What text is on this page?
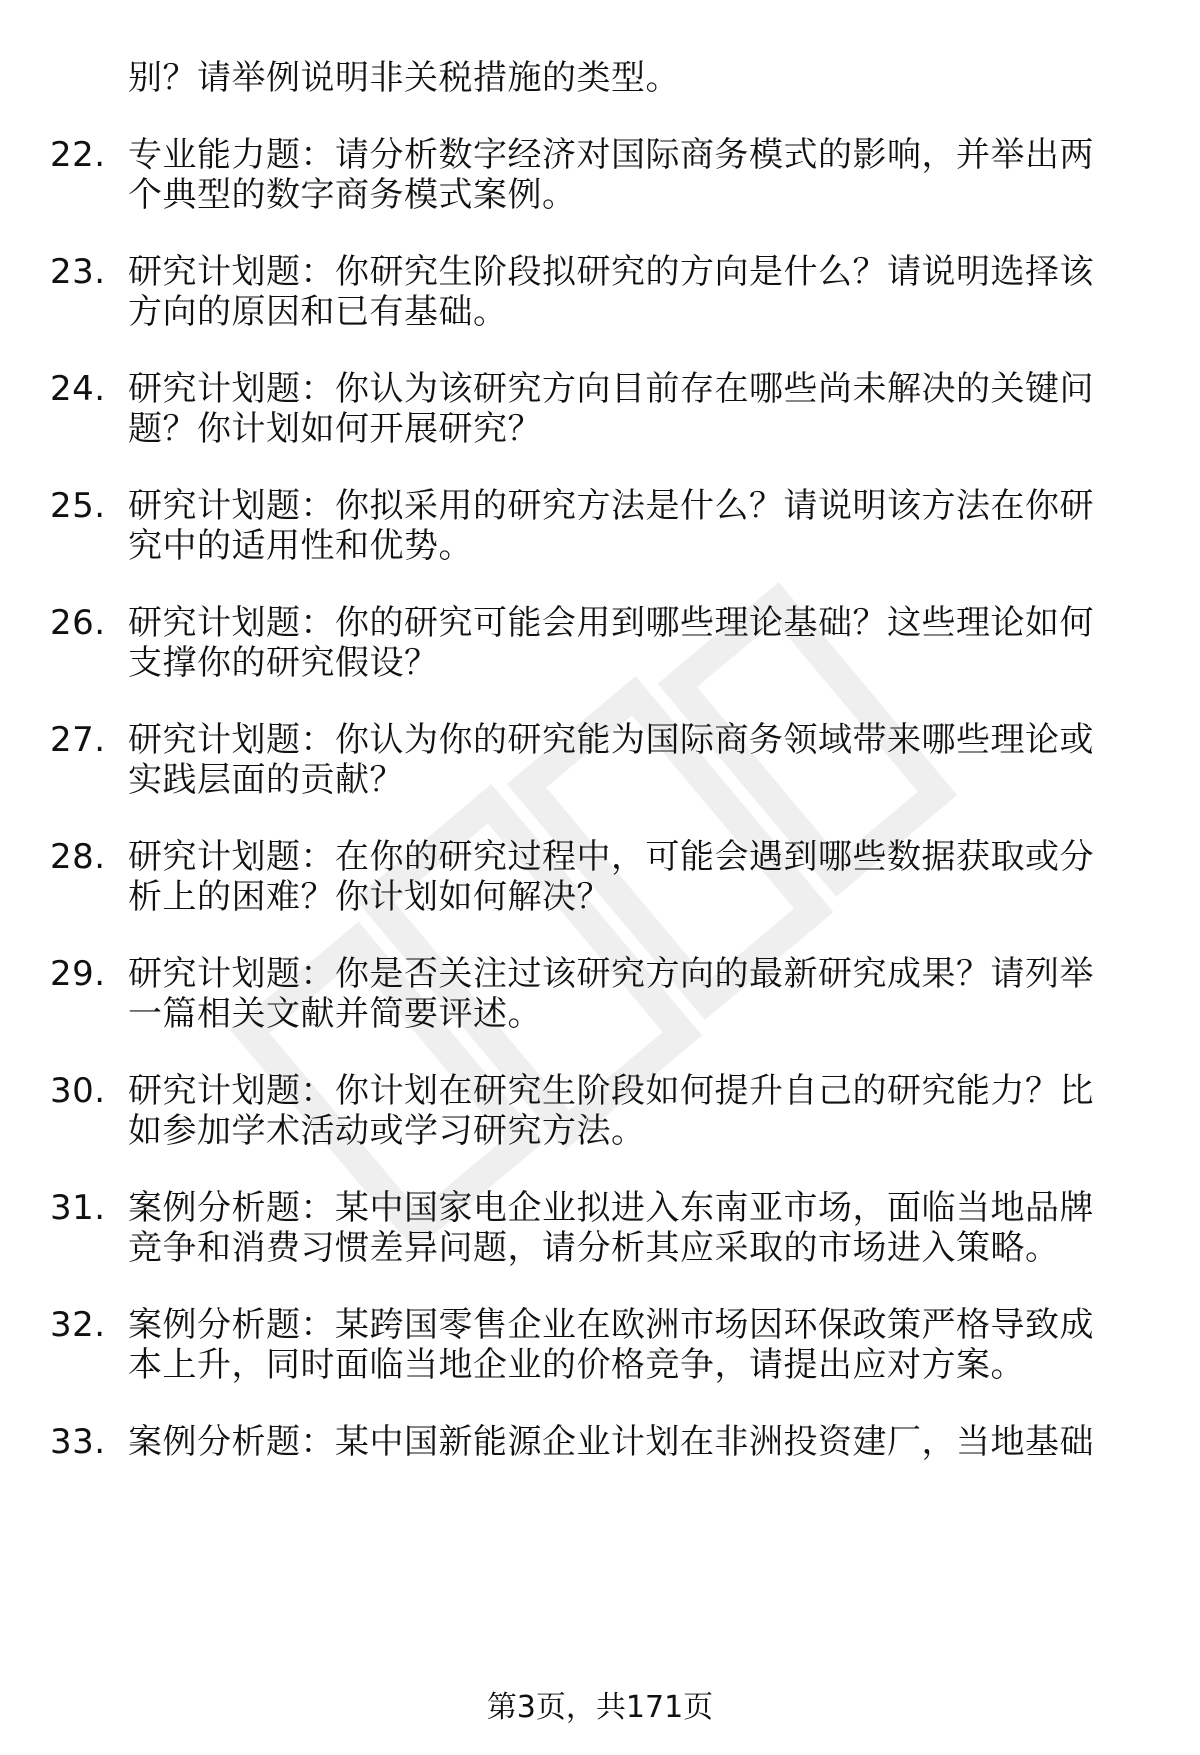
别？请举例说明非关税措施的类型。
22. 专业能力题：请分析数字经济对国际商务模式的影响，并举出两
个典型的数字商务模式案例。
23. 研究计划题：你研究生阶段拟研究的方向是什么？请说明选择该
方向的原因和已有基础。
24. 研究计划题：你认为该研究方向目前存在哪些尚未解决的关键问
题？你计划如何开展研究？
25. 研究计划题：你拟采用的研究方法是什么？请说明该方法在你研
究中的适用性和优势。
26. 研究计划题：你的研究可能会用到哪些理论基础？这些理论如何
支撑你的研究假设？
27. 研究计划题：你认为你的研究能为国际商务领域带来哪些理论或
实践层面的贡献？
28. 研究计划题：在你的研究过程中，可能会遇到哪些数据获取或分
析上的困难？你计划如何解决？
29. 研究计划题：你是否关注过该研究方向的最新研究成果？请列举
一篇相关文献并简要评述。
30. 研究计划题：你计划在研究生阶段如何提升自己的研究能力？比
如参加学术活动或学习研究方法。
31. 案例分析题：某中国家电企业拟进入东南亚市场，面临当地品牌
竞争和消费习惯差异问题，请分析其应采取的市场进入策略。
32. 案例分析题：某跨国零售企业在欧洲市场因环保政策严格导致成
本上升，同时面临当地企业的价格竞争，请提出应对方案。
33. 案例分析题：某中国新能源企业计划在非洲投资建厂，当地基础
第3页，共171页
